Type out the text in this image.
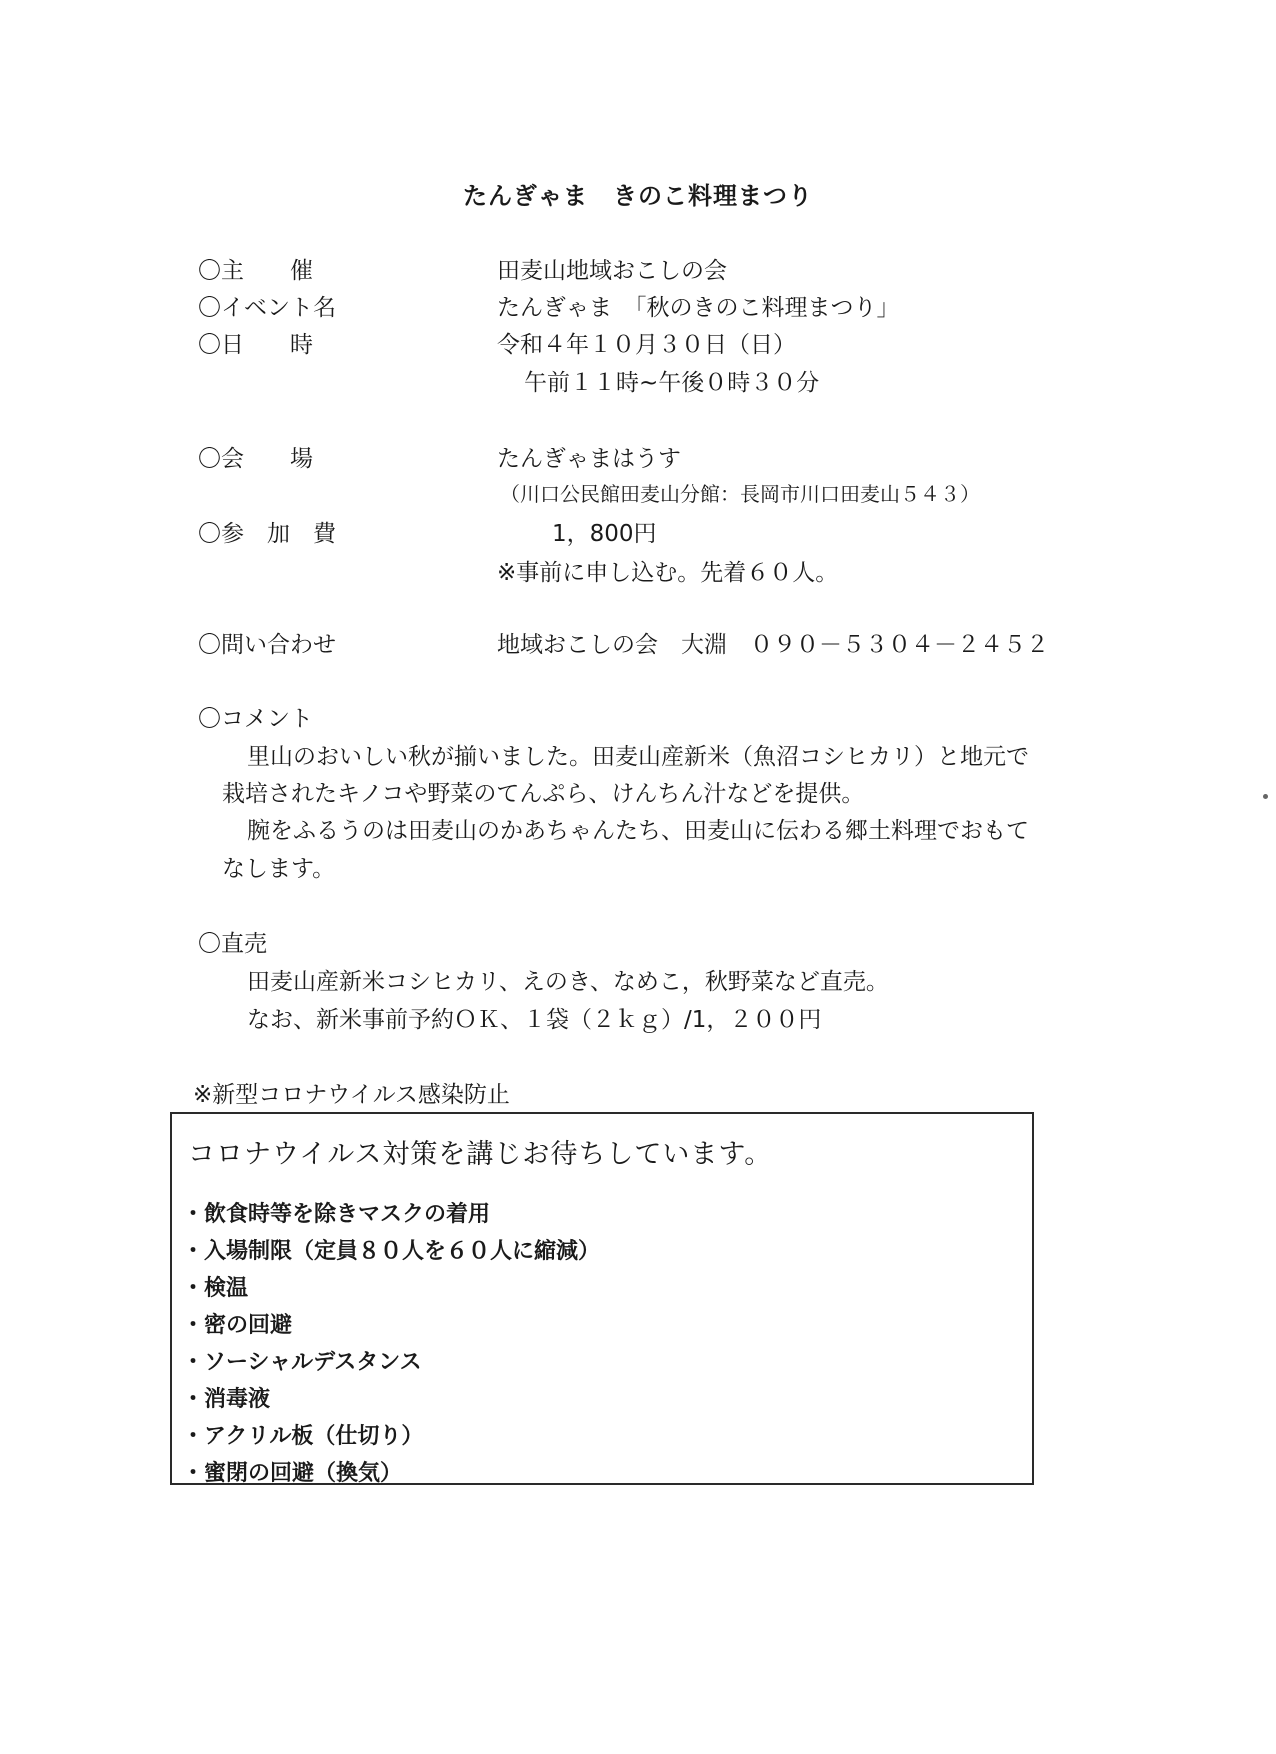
たんぎゃま　きのこ料理まつり
〇主　　催	田麦山地域おこしの会
〇イベント名	たんぎゃま　「秋のきのこ料理まつり」
〇日　　時	令和４年１０月３０日（日）
午前１１時~午後０時３０分
〇会　　場	たんぎゃまはうす
（川口公民館田麦山分館：長岡市川口田麦山５４３）
〇参　加　費	1，800円
※事前に申し込む。先着６０人。
〇問い合わせ	地域おこしの会　大淵　０９０－５３０４－２４５２
〇コメント
里山のおいしい秋が揃いました。田麦山産新米（魚沼コシヒカリ）と地元で
栽培されたキノコや野菜のてんぷら、けんちん汁などを提供。
腕をふるうのは田麦山のかあちゃんたち、田麦山に伝わる郷土料理でおもて
なします。
〇直売
田麦山産新米コシヒカリ、えのき、なめこ，秋野菜など直売。
なお、新米事前予約ＯＫ、１袋（２ｋｇ）/1，２００円
※新型コロナウイルス感染防止
コロナウイルス対策を講じお待ちしています。
・飲食時等を除きマスクの着用
・入場制限（定員８０人を６０人に縮減）
・検温
・密の回避
・ソーシャルデスタンス
・消毒液
・アクリル板（仕切り）
・蜜閉の回避（換気）
